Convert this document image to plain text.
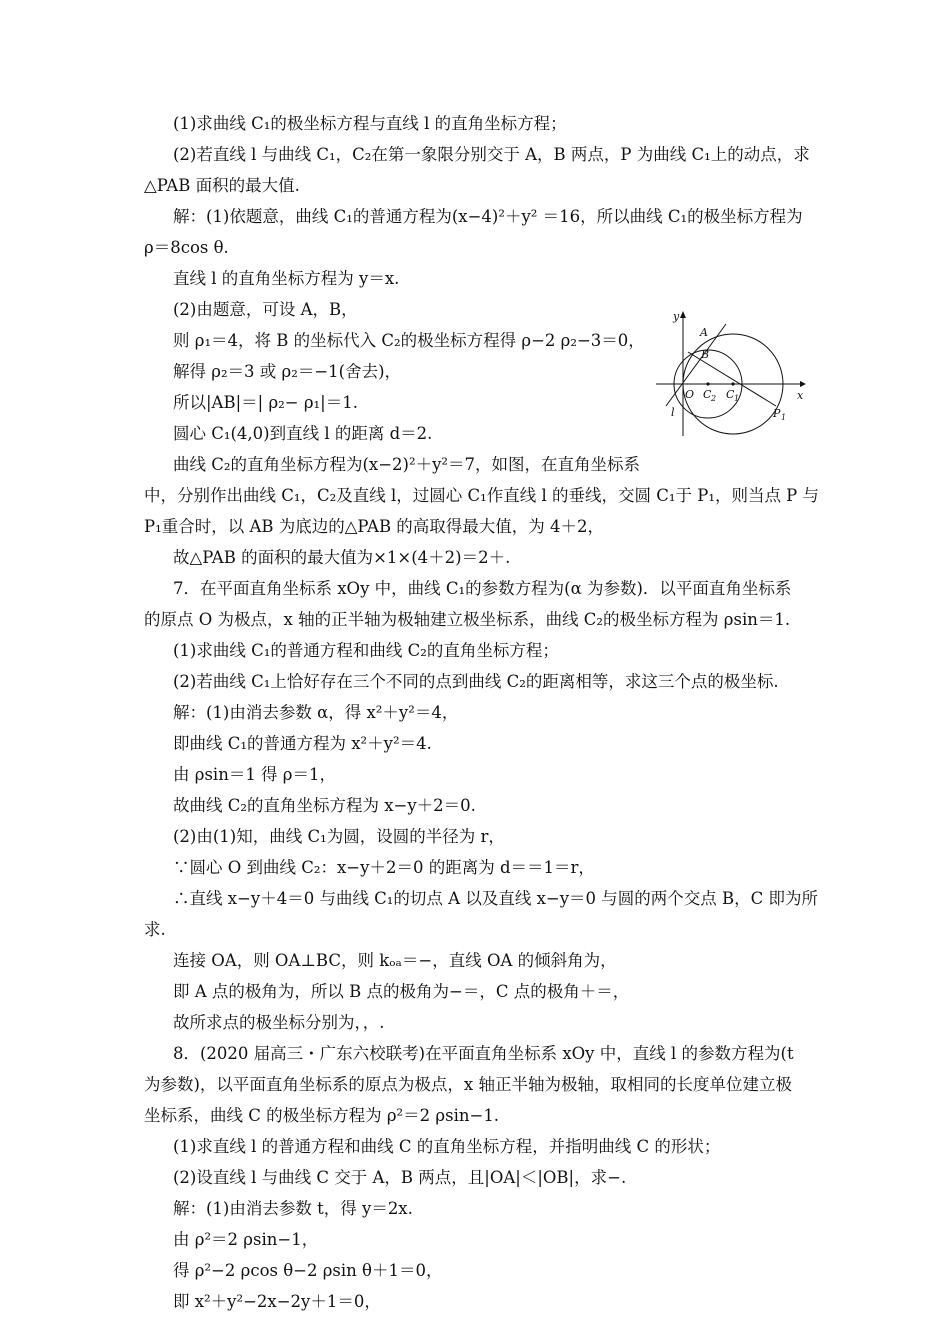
(1)求曲线 C₁的极坐标方程与直线 l 的直角坐标方程；
(2)若直线 l 与曲线 C₁，C₂在第一象限分别交于 A，B 两点，P 为曲线 C₁上的动点，求
△PAB 面积的最大值.
解：(1)依题意，曲线 C₁的普通方程为(x−4)²＋y² ＝16，所以曲线 C₁的极坐标方程为
ρ＝8cos θ.
直线 l 的直角坐标方程为 y＝x.
(2)由题意，可设 A，B，
则 ρ₁＝4，将 B 的坐标代入 C₂的极坐标方程得 ρ−2 ρ₂−3＝0，
解得 ρ₂＝3 或 ρ₂＝−1(舍去)，
所以|AB|＝| ρ₂− ρ₁|＝1.
圆心 C₁(4,0)到直线 l 的距离 d＝2.
曲线 C₂的直角坐标方程为(x−2)²＋y²＝7，如图，在直角坐标系
中，分别作出曲线 C₁，C₂及直线 l，过圆心 C₁作直线 l 的垂线，交圆 C₁于 P₁，则当点 P 与
P₁重合时，以 AB 为底边的△PAB 的高取得最大值，为 4＋2，
故△PAB 的面积的最大值为×1×(4＋2)＝2＋.
7．在平面直角坐标系 xOy 中，曲线 C₁的参数方程为(α 为参数)．以平面直角坐标系
的原点 O 为极点，x 轴的正半轴为极轴建立极坐标系，曲线 C₂的极坐标方程为 ρsin＝1.
(1)求曲线 C₁的普通方程和曲线 C₂的直角坐标方程；
(2)若曲线 C₁上恰好存在三个不同的点到曲线 C₂的距离相等，求这三个点的极坐标.
解：(1)由消去参数 α，得 x²＋y²＝4，
即曲线 C₁的普通方程为 x²＋y²＝4.
由 ρsin＝1 得 ρ＝1，
故曲线 C₂的直角坐标方程为 x−y＋2＝0.
(2)由(1)知，曲线 C₁为圆，设圆的半径为 r，
∵圆心 O 到曲线 C₂：x−y＋2＝0 的距离为 d＝＝1＝r，
∴直线 x−y＋4＝0 与曲线 C₁的切点 A 以及直线 x−y＝0 与圆的两个交点 B，C 即为所
求.
连接 OA，则 OA⊥BC，则 kₒₐ＝−，直线 OA 的倾斜角为，
即 A 点的极角为，所以 B 点的极角为−＝，C 点的极角＋＝，
故所求点的极坐标分别为，，.
8．(2020 届高三・广东六校联考)在平面直角坐标系 xOy 中，直线 l 的参数方程为(t
为参数)，以平面直角坐标系的原点为极点，x 轴正半轴为极轴，取相同的长度单位建立极
坐标系，曲线 C 的极坐标方程为 ρ²＝2 ρsin−1.
(1)求直线 l 的普通方程和曲线 C 的直角坐标方程，并指明曲线 C 的形状；
(2)设直线 l 与曲线 C 交于 A，B 两点，且|OA|＜|OB|，求−.
解：(1)由消去参数 t，得 y＝2x.
由 ρ²＝2 ρsin−1，
得 ρ²−2 ρcos θ−2 ρsin θ＋1＝0，
即 x²＋y²−2x−2y＋1＝0，
y
x
A
B
O C 2 C 1
l	P 1
